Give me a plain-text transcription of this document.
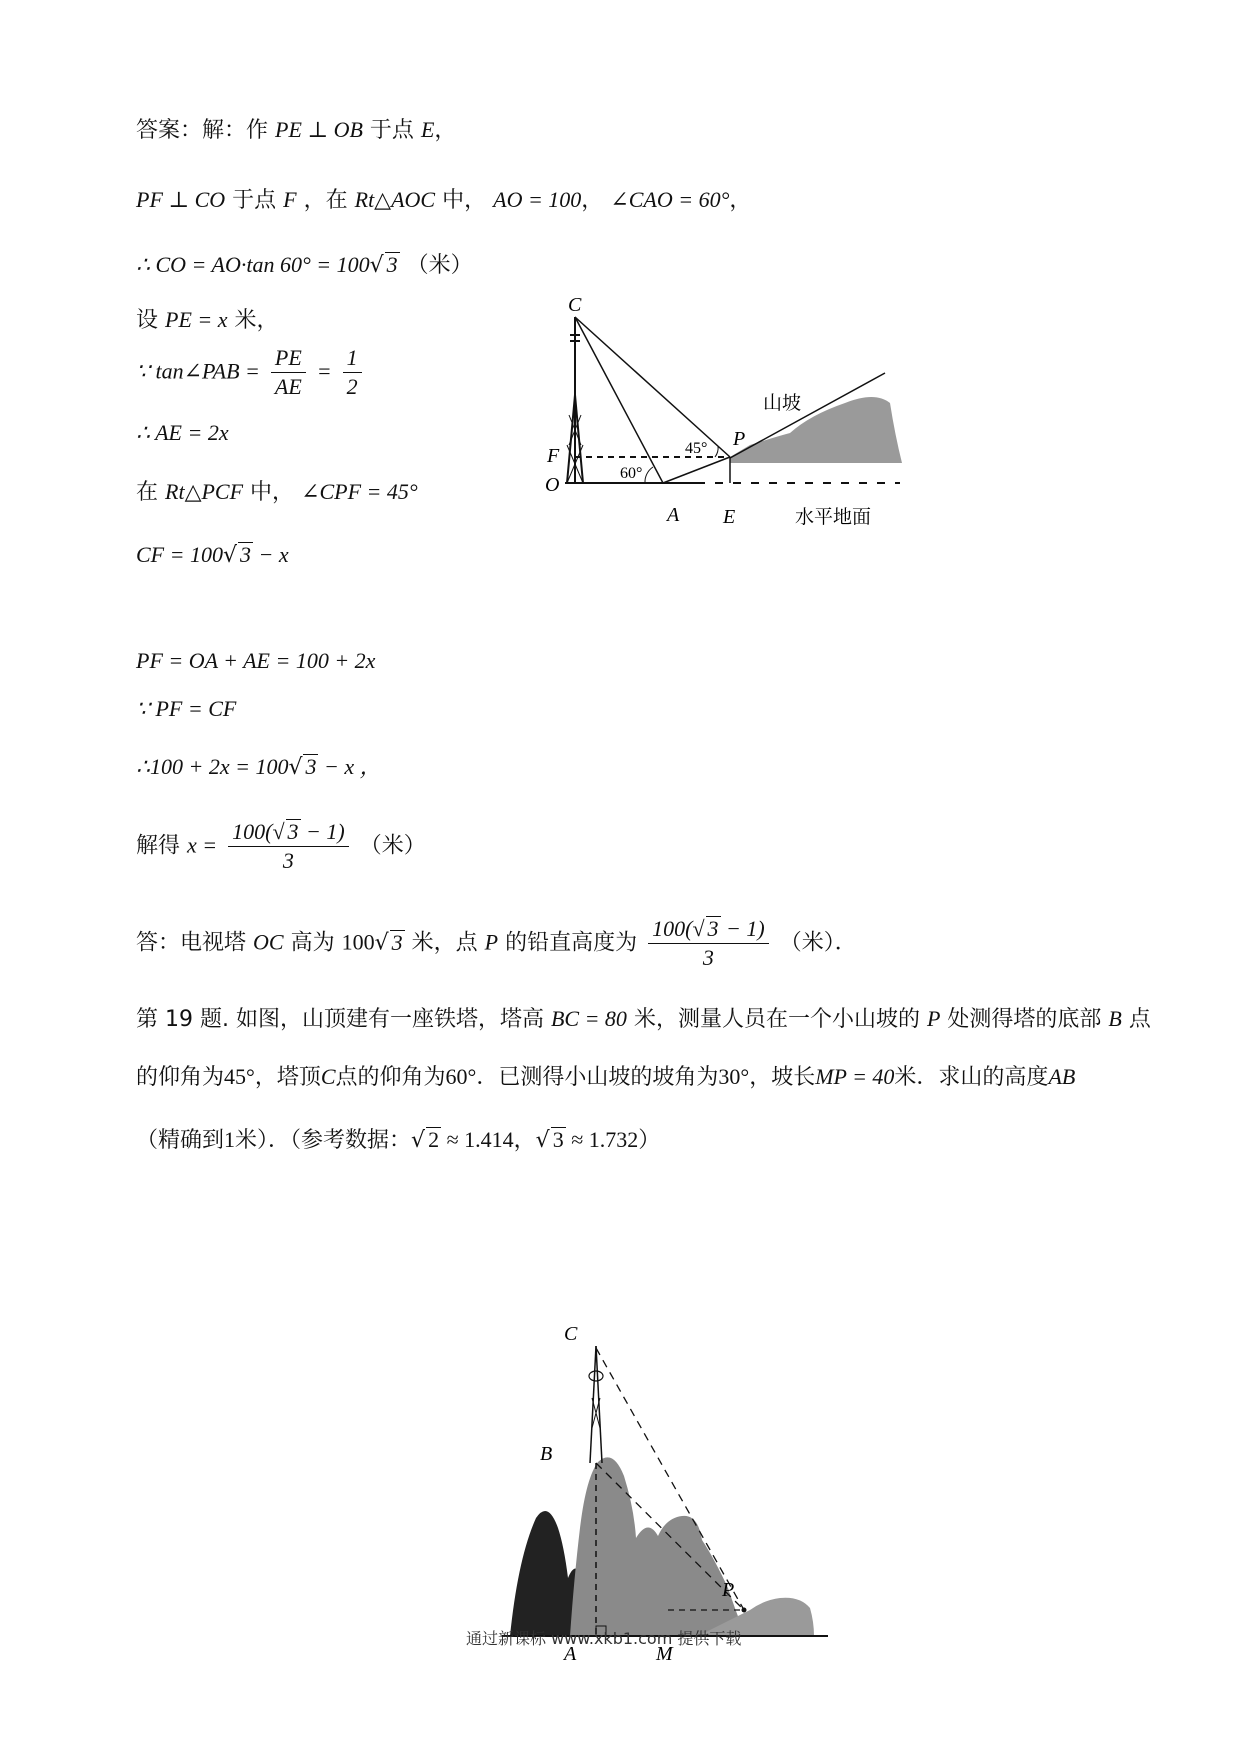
答案：解：作 PE ⊥ OB 于点 E，
PF ⊥ CO 于点 F ，在 Rt△AOC 中， AO = 100， ∠CAO = 60°，
∴ CO = AO·tan 60° = 100√ 3 （米）
设 PE = x 米，
∵ tan∠PAB = $\frac{PE}{AE} = \frac{1}{2}$
∴ AE = 2x
在 Rt△PCF 中， ∠CPF = 45°
CF = 100√ 3 − x
PF = OA + AE = 100 + 2x
∵ PF = CF
∴100 + 2x = 100√ 3 − x ，
解得 $x = \frac{100(√ 3 - 1)}{3}$ （米）
答：电视塔 OC 高为 100√ 3 米，点 P 的铅直高度为 $\frac{100(√ 3 - 1)}{3}$ （米）．
第 19 题. 如图，山顶建有一座铁塔，塔高 BC = 80 米，测量人员在一个小山坡的 P 处测得塔的底部 B 点
的仰角为45°，塔顶C点的仰角为60°．已测得小山坡的坡角为30°，坡长MP = 40米．求山的高度AB
（精确到1米）．（参考数据：√ 2 ≈ 1.414，√ 3 ≈ 1.732）
C
F
O
A E
P
60°
45°
山坡
水平地面
C
B
P
A	M
通过新课标 www.xkb1.com 提供下载
